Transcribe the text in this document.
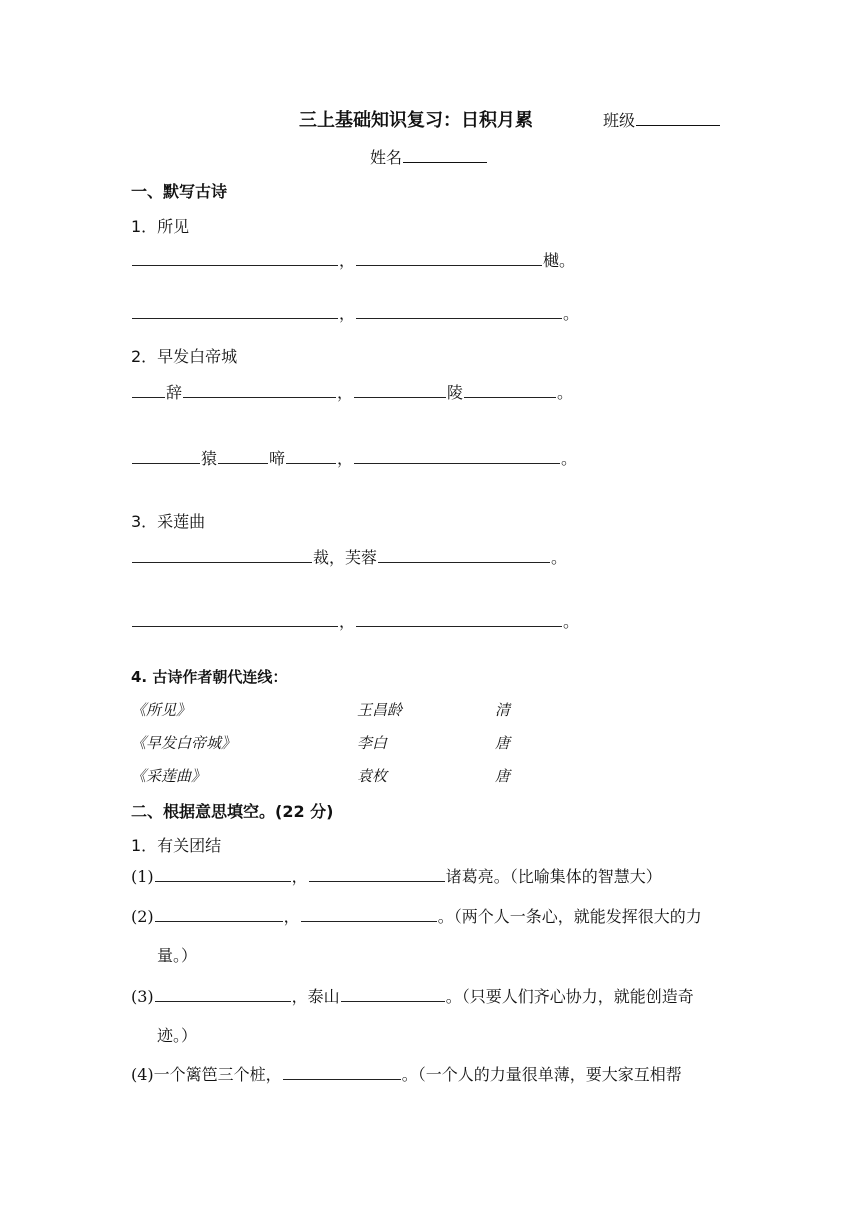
三上基础知识复习：日积月累	班级
姓名
一、默写古诗
1．所见
，	樾。
，	。
2．早发白帝城
辞	，	陵	。
猿	啼	，	。
3．采莲曲
裁，芙蓉	。
，	。
4. 古诗作者朝代连线：
《所见》	王昌龄	清
《早发白帝城》	李白	唐
《采莲曲》	袁枚	唐
二、根据意思填空。(22 分)
1．有关团结
(1)	，	诸葛亮。（比喻集体的智慧大）
(2)	，	。（两个人一条心，就能发挥很大的力
量。）
(3)	，泰山	。（只要人们齐心协力，就能创造奇
迹。）
(4)一个篱笆三个桩，	。（一个人的力量很单薄，要大家互相帮
